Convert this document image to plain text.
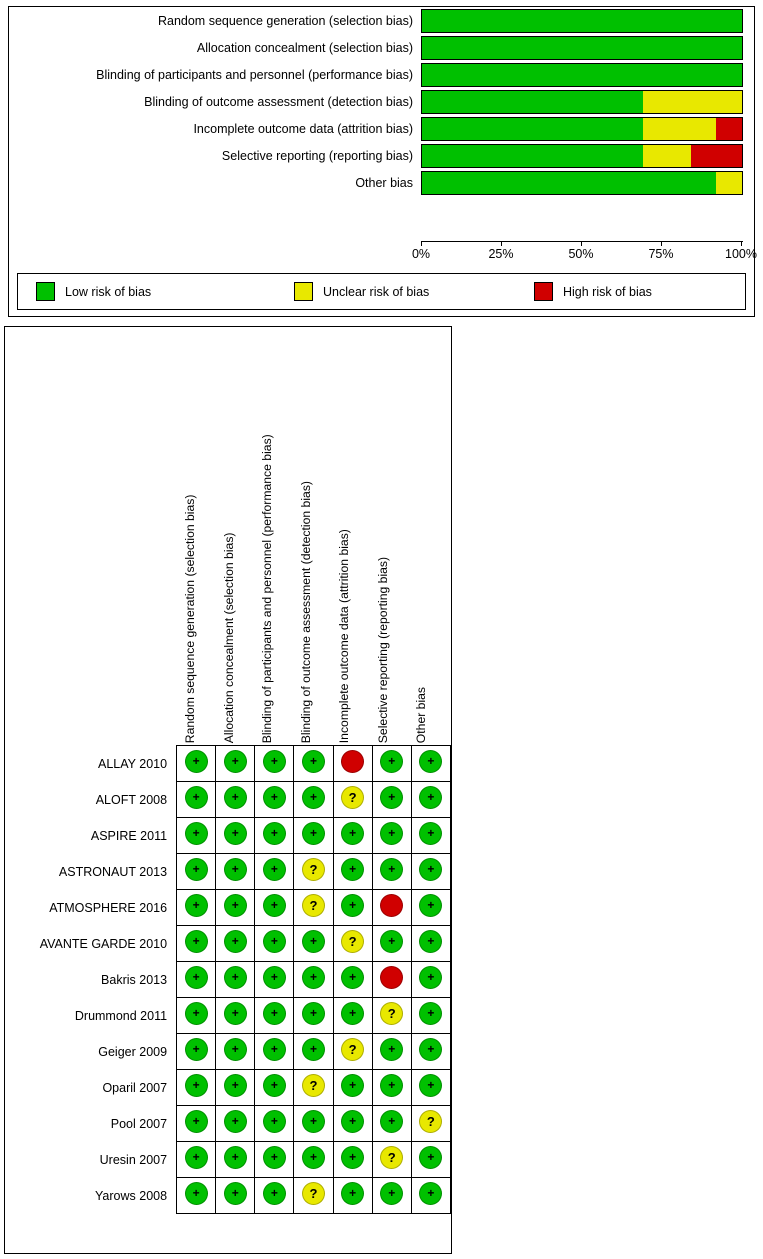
Random sequence generation (selection bias)
Allocation concealment (selection bias)
Blinding of participants and personnel (performance bias)
Blinding of outcome assessment (detection bias)
Incomplete outcome data (attrition bias)
Selective reporting (reporting bias)
Other bias
0%	25%	50%	75%	100%
Low risk of bias	Unclear risk of bias	High risk of bias
Random sequence generation (selection bias) Allocation concealment (selection bias) Blinding of participants and personnel (performance bias) Blinding of outcome assessment (detection bias) Incomplete outcome data (attrition bias) Selective reporting (reporting bias) Other bias
ALLAY 2010	+	+	+	+	−	+	+

ALOFT 2008	+	+	+	+	?	+	+

ASPIRE 2011	+	+	+	+	+	+	+

ASTRONAUT 2013	+	+	+	?	+	+	+

ATMOSPHERE 2016	+	+	+	?	+	−	+

AVANTE GARDE 2010	+	+	+	+	?	+	+

Bakris 2013	+	+	+	+	+	−	+

Drummond 2011	+	+	+	+	+	?	+

Geiger 2009	+	+	+	+	?	+	+

Oparil 2007	+	+	+	?	+	+	+

Pool 2007	+	+	+	+	+	+	?

Uresin 2007	+	+	+	+	+	?	+

Yarows 2008	+	+	+	?	+	+	+
